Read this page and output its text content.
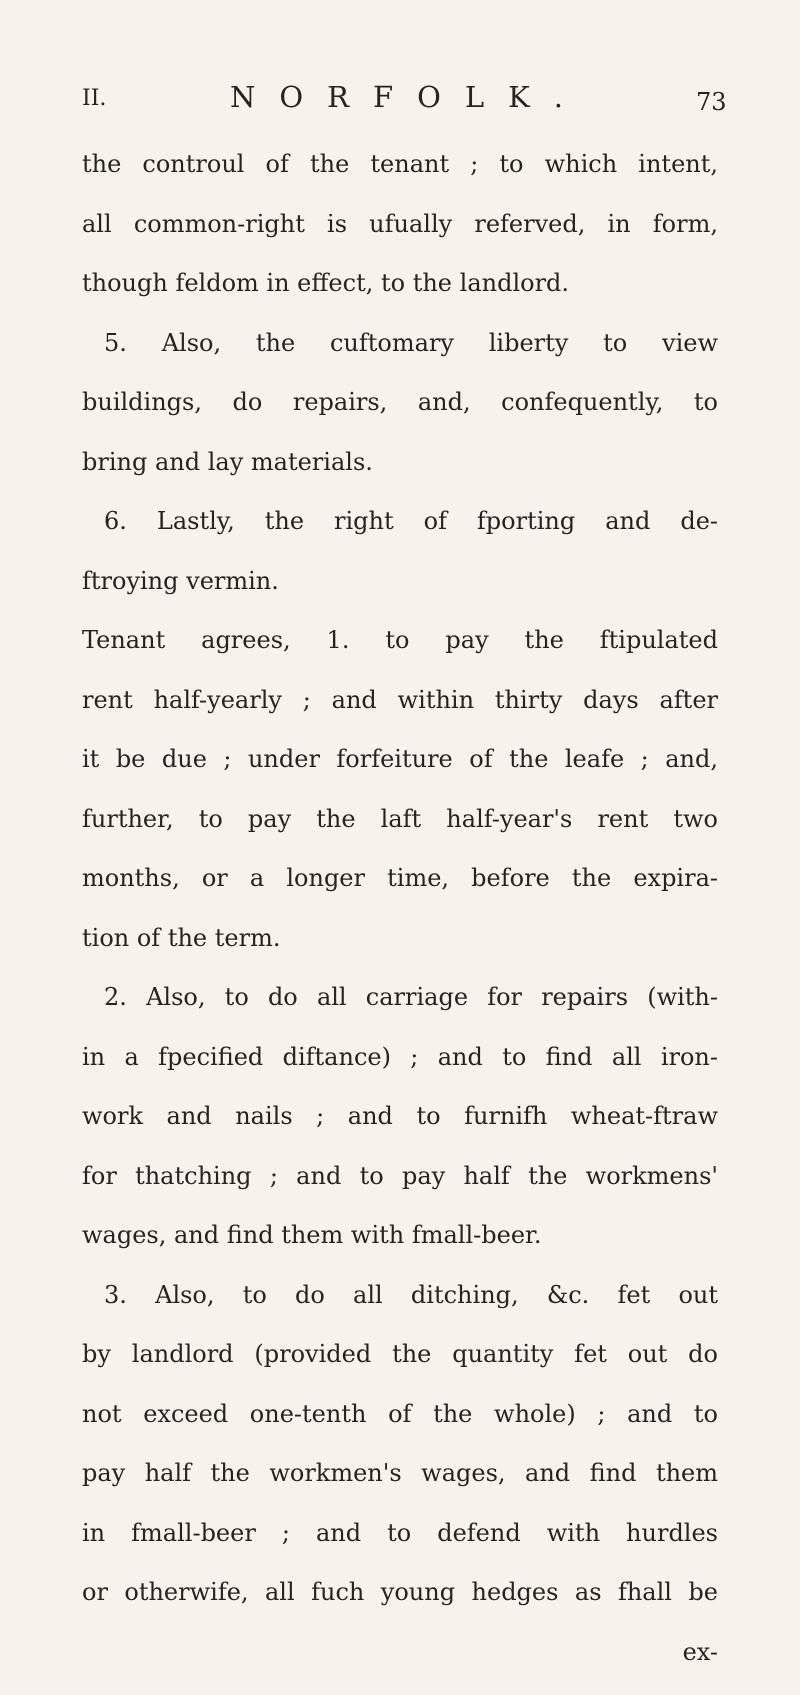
II.	NORFOLK.	73
the controul of the tenant ; to which intent,
all common-right is ufually referved, in form,
though feldom in effect, to the landlord.
5. Also, the cuftomary liberty to view
buildings, do repairs, and, confequently, to
bring and lay materials.
6. Lastly, the right of fporting and de-
ftroying vermin.
Tenant agrees, 1. to pay the ftipulated
rent half-yearly ; and within thirty days after
it be due ; under forfeiture of the leafe ; and,
further, to pay the laft half-year's rent two
months, or a longer time, before the expira-
tion of the term.
2. Also, to do all carriage for repairs (with-
in a fpecified diftance) ; and to find all iron-
work and nails ; and to furnifh wheat-ftraw
for thatching ; and to pay half the workmens'
wages, and find them with fmall-beer.
3. Also, to do all ditching, &c. fet out
by landlord (provided the quantity fet out do
not exceed one-tenth of the whole) ; and to
pay half the workmen's wages, and find them
in fmall-beer ; and to defend with hurdles
or otherwife, all fuch young hedges as fhall be
ex-
